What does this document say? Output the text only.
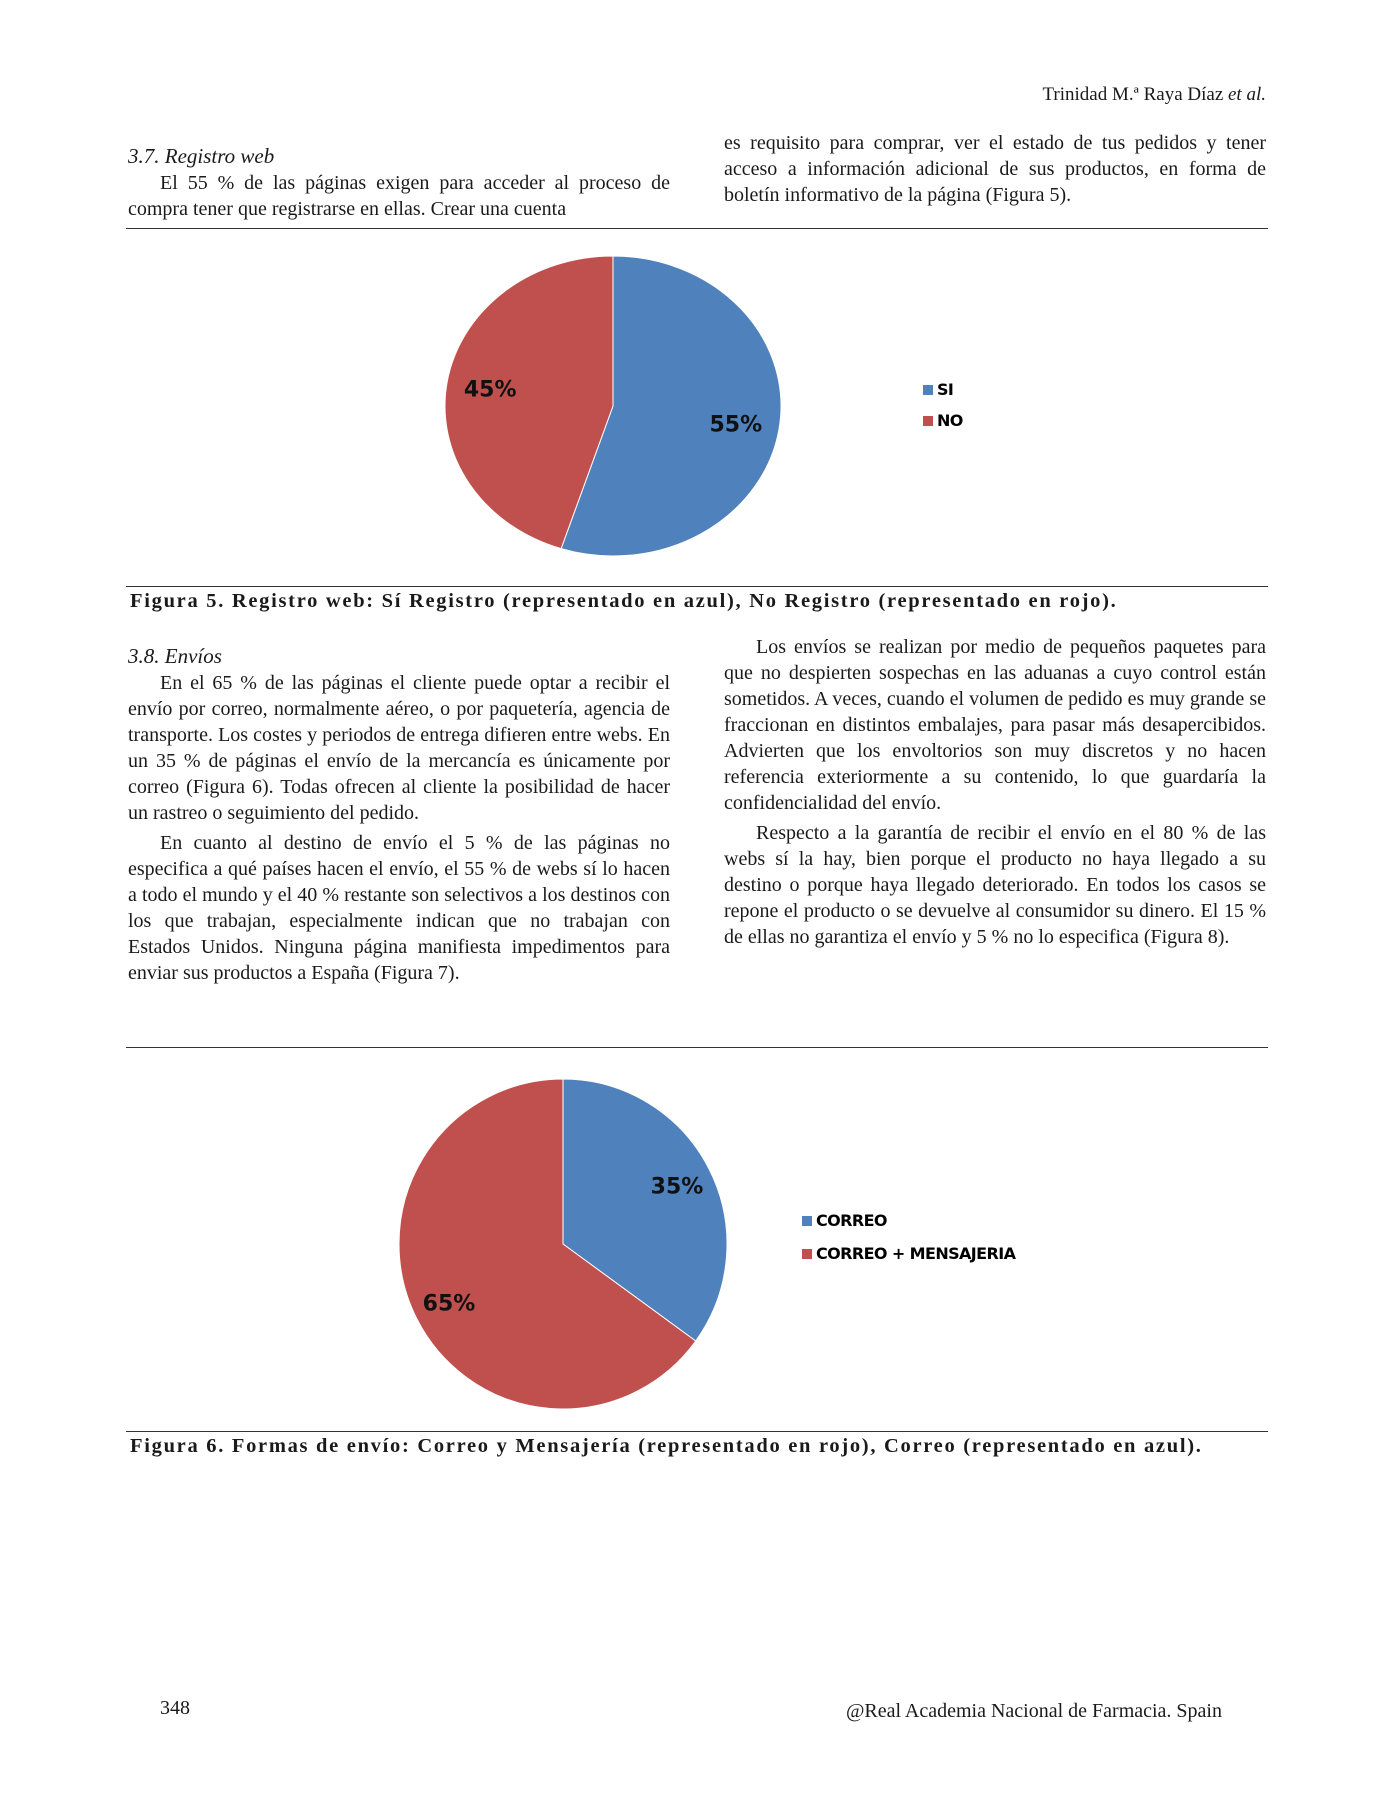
Trinidad M.ª Raya Díaz et al.
3.7. Registro web

El 55 % de las páginas exigen para acceder al proceso de compra tener que registrarse en ellas. Crear una cuenta

es requisito para comprar, ver el estado de tus pedidos y tener acceso a información adicional de sus productos, en forma de boletín informativo de la página (Figura 5).

55%
45%	SI
NO
Figura 5. Registro web: Sí Registro (representado en azul), No Registro (representado en rojo).
3.8. Envíos

En el 65 % de las páginas el cliente puede optar a recibir el envío por correo, normalmente aéreo, o por paquetería, agencia de transporte. Los costes y periodos de entrega difieren entre webs. En un 35 % de páginas el envío de la mercancía es únicamente por correo (Figura 6). Todas ofrecen al cliente la posibilidad de hacer un rastreo o seguimiento del pedido.

En cuanto al destino de envío el 5 % de las páginas no especifica a qué países hacen el envío, el 55 % de webs sí lo hacen a todo el mundo y el 40 % restante son selectivos a los destinos con los que trabajan, especialmente indican que no trabajan con Estados Unidos. Ninguna página manifiesta impedimentos para enviar sus productos a España (Figura 7).

Los envíos se realizan por medio de pequeños paquetes para que no despierten sospechas en las aduanas a cuyo control están sometidos. A veces, cuando el volumen de pedido es muy grande se fraccionan en distintos embalajes, para pasar más desapercibidos. Advierten que los envoltorios son muy discretos y no hacen referencia exteriormente a su contenido, lo que guardaría la confidencialidad del envío.

Respecto a la garantía de recibir el envío en el 80 % de las webs sí la hay, bien porque el producto no haya llegado a su destino o porque haya llegado deteriorado. En todos los casos se repone el producto o se devuelve al consumidor su dinero. El 15 % de ellas no garantiza el envío y 5 % no lo especifica (Figura 8).

35%
65%
CORREO
CORREO + MENSAJERIA
Figura 6. Formas de envío: Correo y Mensajería (representado en rojo), Correo (representado en azul).
348	@Real Academia Nacional de Farmacia. Spain
